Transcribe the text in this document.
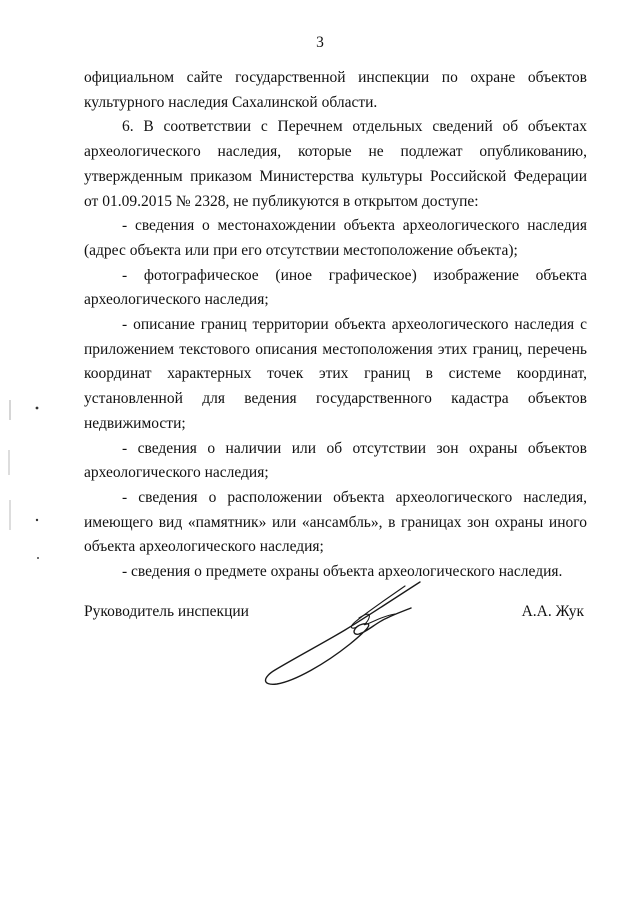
3

официальном сайте государственной инспекции по охране объектов культурного наследия Сахалинской области.

6. В соответствии с Перечнем отдельных сведений об объектах археологического наследия, которые не подлежат опубликованию, утвержденным приказом Министерства культуры Российской Федерации от 01.09.2015 № 2328, не публикуются в открытом доступе:

- сведения о местонахождении объекта археологического наследия (адрес объекта или при его отсутствии местоположение объекта);

- фотографическое (иное графическое) изображение объекта археологического наследия;

- описание границ территории объекта археологического наследия с приложением текстового описания местоположения этих границ, перечень координат характерных точек этих границ в системе координат, установленной для ведения государственного кадастра объектов недвижимости;

- сведения о наличии или об отсутствии зон охраны объектов археологического наследия;

- сведения о расположении объекта археологического наследия, имеющего вид «памятник» или «ансамбль», в границах зон охраны иного объекта археологического наследия;

- сведения о предмете охраны объекта археологического наследия.

Руководитель инспекции	А.А. Жук
